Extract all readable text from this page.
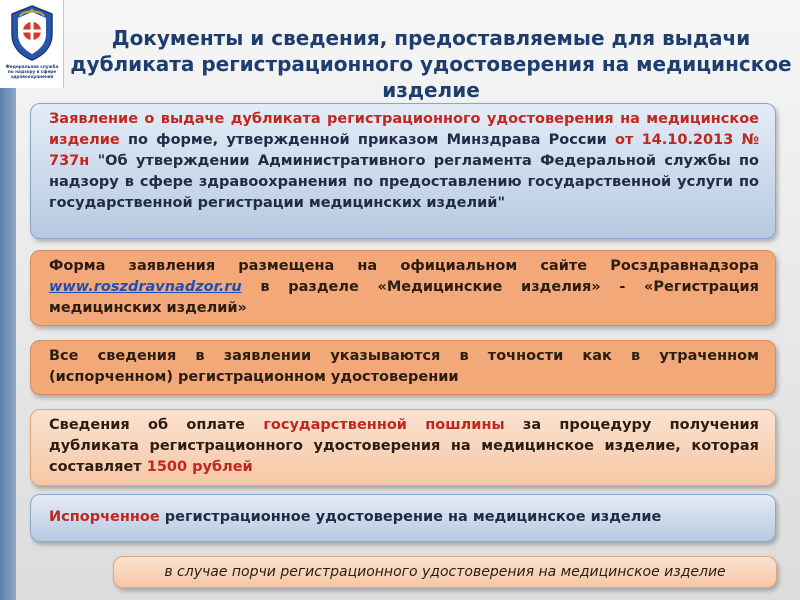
Федеральная служба по надзору в сфере здравоохранения
Документы и сведения, предоставляемые для выдачи дубликата регистрационного удостоверения на медицинское изделие
Заявление о выдаче дубликата регистрационного удостоверения на медицинское изделие по форме, утвержденной приказом Минздрава России от 14.10.2013 № 737н "Об утверждении Административного регламента Федеральной службы по надзору в сфере здравоохранения по предоставлению государственной услуги по государственной регистрации медицинских изделий"
Форма заявления размещена на официальном сайте Росздравнадзора www.roszdravnadzor.ru в разделе «Медицинские изделия» - «Регистрация медицинских изделий»
Все сведения в заявлении указываются в точности как в утраченном (испорченном) регистрационном удостоверении
Сведения об оплате государственной пошлины за процедуру получения дубликата регистрационного удостоверения на медицинское изделие, которая составляет 1500 рублей
Испорченное регистрационное удостоверение на медицинское изделие
в случае порчи регистрационного удостоверения на медицинское изделие
